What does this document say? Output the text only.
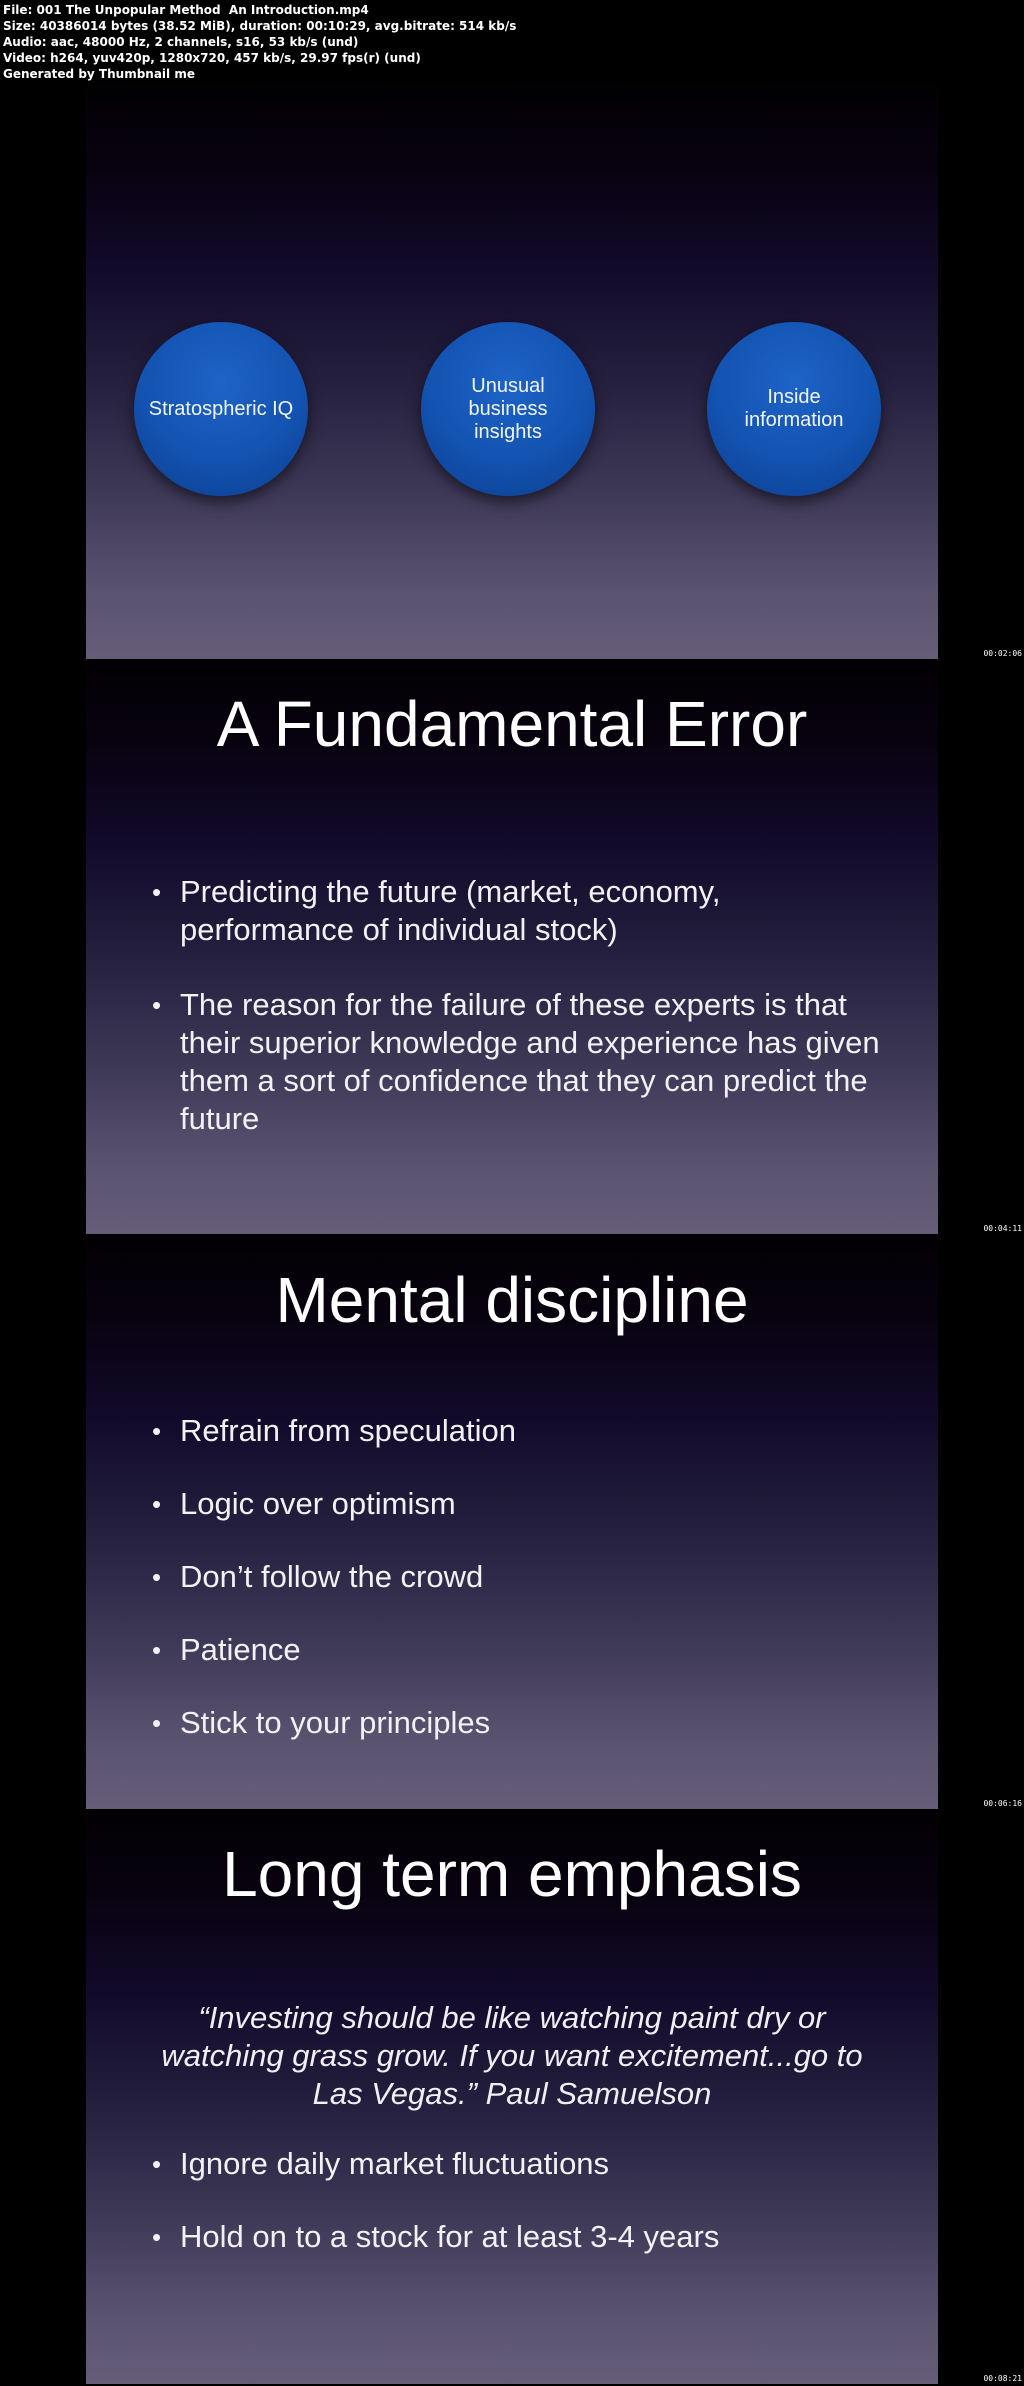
File: 001 The Unpopular Method  An Introduction.mp4
Size: 40386014 bytes (38.52 MiB), duration: 00:10:29, avg.bitrate: 514 kb/s
Audio: aac, 48000 Hz, 2 channels, s16, 53 kb/s (und)
Video: h264, yuv420p, 1280x720, 457 kb/s, 29.97 fps(r) (und)
Generated by Thumbnail me
Stratospheric IQ
Unusual business insights
Inside information
00:02:06
A Fundamental Error
• Predicting the future (market, economy, performance of individual stock)
• The reason for the failure of these experts is that their superior knowledge and experience has given them a sort of confidence that they can predict the future
00:04:11
Mental discipline
• Refrain from speculation
• Logic over optimism
• Don’t follow the crowd
• Patience
• Stick to your principles
00:06:16
Long term emphasis
“Investing should be like watching paint dry or watching grass grow. If you want excitement...go to Las Vegas.” Paul Samuelson
• Ignore daily market fluctuations
• Hold on to a stock for at least 3-4 years
00:08:21
